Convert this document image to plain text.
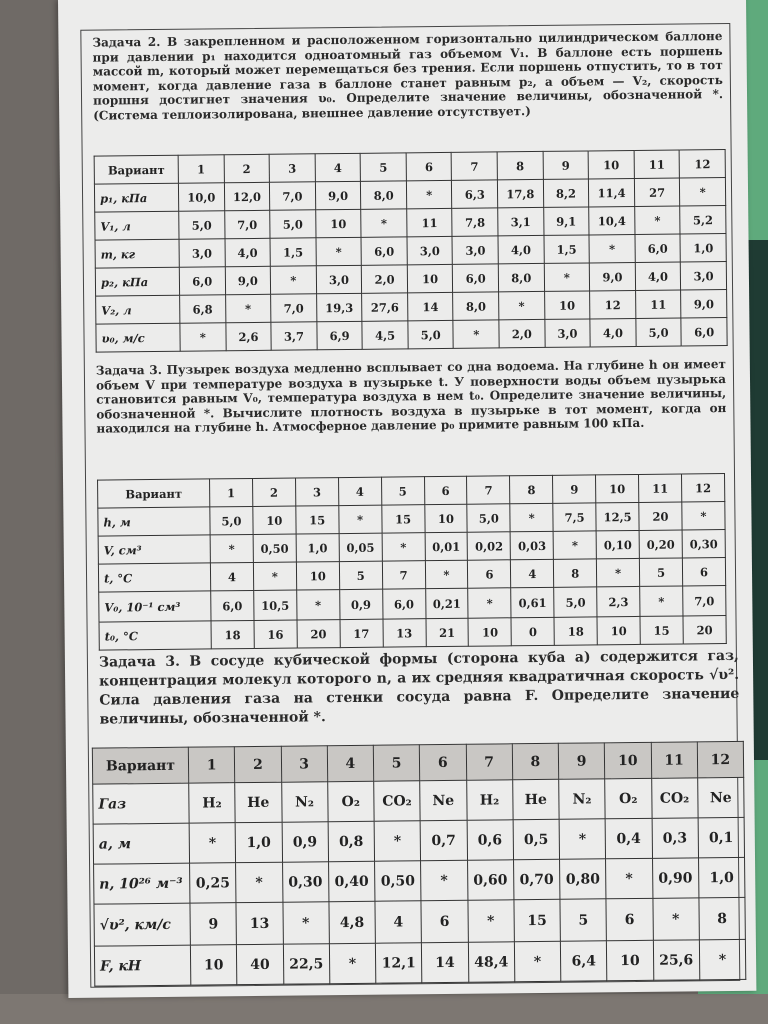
Задача 2. В закрепленном и расположенном горизонтально цилиндрическом баллоне при давлении p₁ находится одноатомный газ объемом V₁. В баллоне есть поршень массой m, который может перемещаться без трения. Если поршень отпустить, то в тот момент, когда давление газа в баллоне станет равным p₂, а объем — V₂, скорость поршня достигнет значения υ₀. Определите значение величины, обозначенной *. (Система теплоизолирована, внешнее давление отсутствует.)
Вариант	1	2	3	4	5	6	7	8	9	10	11	12
p₁, кПа	10,0	12,0	7,0	9,0	8,0	*	6,3	17,8	8,2	11,4	27	*
V₁, л	5,0	7,0	5,0	10	*	11	7,8	3,1	9,1	10,4	*	5,2
m, кг	3,0	4,0	1,5	*	6,0	3,0	3,0	4,0	1,5	*	6,0	1,0
p₂, кПа	6,0	9,0	*	3,0	2,0	10	6,0	8,0	*	9,0	4,0	3,0
V₂, л	6,8	*	7,0	19,3	27,6	14	8,0	*	10	12	11	9,0
υ₀, м/с	*	2,6	3,7	6,9	4,5	5,0	*	2,0	3,0	4,0	5,0	6,0
Задача 3. Пузырек воздуха медленно всплывает со дна водоема. На глубине h он имеет объем V при температуре воздуха в пузырьке t. У поверхности воды объем пузырька становится равным V₀, температура воздуха в нем t₀. Определите значение величины, обозначенной *. Вычислите плотность воздуха в пузырьке в тот момент, когда он находился на глубине h. Атмосферное давление p₀ примите равным 100 кПа.
Вариант	1	2	3	4	5	6	7	8	9	10	11	12
h, м	5,0	10	15	*	15	10	5,0	*	7,5	12,5	20	*
V, см³	*	0,50	1,0	0,05	*	0,01	0,02	0,03	*	0,10	0,20	0,30
t, °C	4	*	10	5	7	*	6	4	8	*	5	6
V₀, 10⁻¹ см³	6,0	10,5	*	0,9	6,0	0,21	*	0,61	5,0	2,3	*	7,0
t₀, °C	18	16	20	17	13	21	10	0	18	10	15	20
Задача 3. В сосуде кубической формы (сторона куба a) содержится газ, концентрация молекул которого n, а их средняя квадратичная скорость √υ². Сила давления газа на стенки сосуда равна F. Определите значение величины, обозначенной *.
Вариант	1	2	3	4	5	6	7	8	9	10	11	12
Газ	H₂	He	N₂	O₂	CO₂	Ne	H₂	He	N₂	O₂	CO₂	Ne
a, м	*	1,0	0,9	0,8	*	0,7	0,6	0,5	*	0,4	0,3	0,1
n, 10²⁶ м⁻³	0,25	*	0,30	0,40	0,50	*	0,60	0,70	0,80	*	0,90	1,0
√υ², км/с	9	13	*	4,8	4	6	*	15	5	6	*	8
F, кН	10	40	22,5	*	12,1	14	48,4	*	6,4	10	25,6	*
